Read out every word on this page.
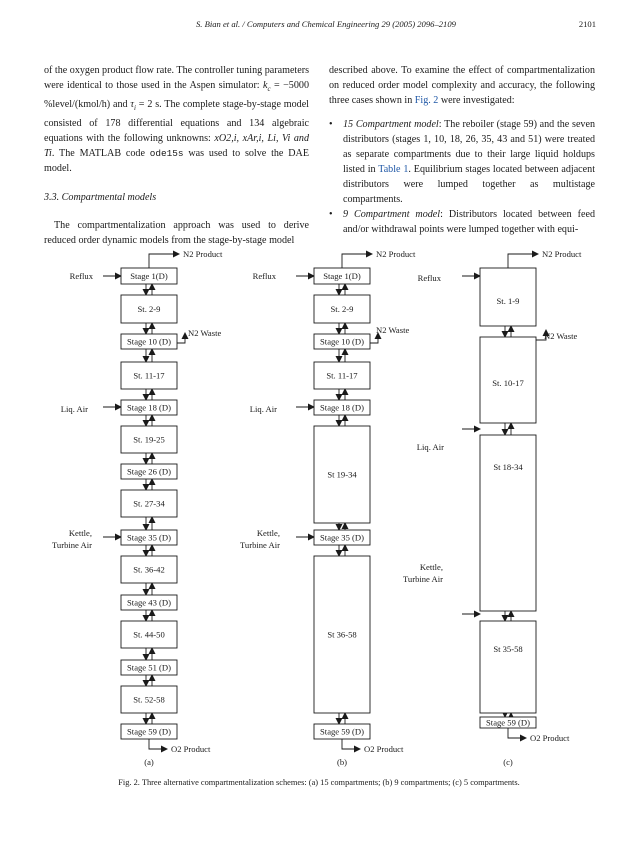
S. Bian et al. / Computers and Chemical Engineering 29 (2005) 2096–2109	2101

of the oxygen product flow rate. The controller tuning parameters were identical to those used in the Aspen simulator: $k_c = -5000$ %level/(kmol/h) and $\tau_i = 2$ s. The complete stage-by-stage model consisted of 178 differential equations and 134 algebraic equations with the following unknowns: xO2,i, xAr,i, Li, Vi and Ti. The MATLAB code ode15s was used to solve the DAE model.

3.3. Compartmental models

The compartmentalization approach was used to derive reduced order dynamic models from the stage-by-stage model

described above. To examine the effect of compartmentalization on reduced order model complexity and accuracy, the following three cases shown in Fig. 2 were investigated:

• 15 Compartment model: The reboiler (stage 59) and the seven distributors (stages 1, 10, 18, 26, 35, 43 and 51) were treated as separate compartments due to their large liquid holdups listed in Table 1. Equilibrium stages located between adjacent distributors were lumped together as multistage compartments.

• 9 Compartment model: Distributors located between feed and/or withdrawal points were lumped together with equi-

Stage 1(D)
St. 2-9
Stage 10 (D)
St. 11-17
Stage 18 (D)
St. 19-25
Stage 26 (D)
St. 27-34
Stage 35 (D)
St. 36-42
Stage 43 (D)
St. 44-50
Stage 51 (D)
St. 52-58
Stage 59 (D)
N2 Product
Reflux
N2 Waste
Liq. Air
Kettle,
Turbine Air
O2 Product
(a)
Stage 1(D)
St. 2-9
Stage 10 (D)
St. 11-17
Stage 18 (D)
St 19-34
Stage 35 (D)
St 36-58
Stage 59 (D)
N2 Product
Reflux
N2 Waste
Liq. Air
Kettle,
Turbine Air
O2 Product
(b)
St. 1-9
St. 10-17
St 18-34
St 35-58
Stage 59 (D)
N2 Product
Reflux
N2 Waste
Liq. Air
Kettle,
Turbine Air
O2 Product
(c)
Fig. 2. Three alternative compartmentalization schemes: (a) 15 compartments; (b) 9 compartments; (c) 5 compartments.
